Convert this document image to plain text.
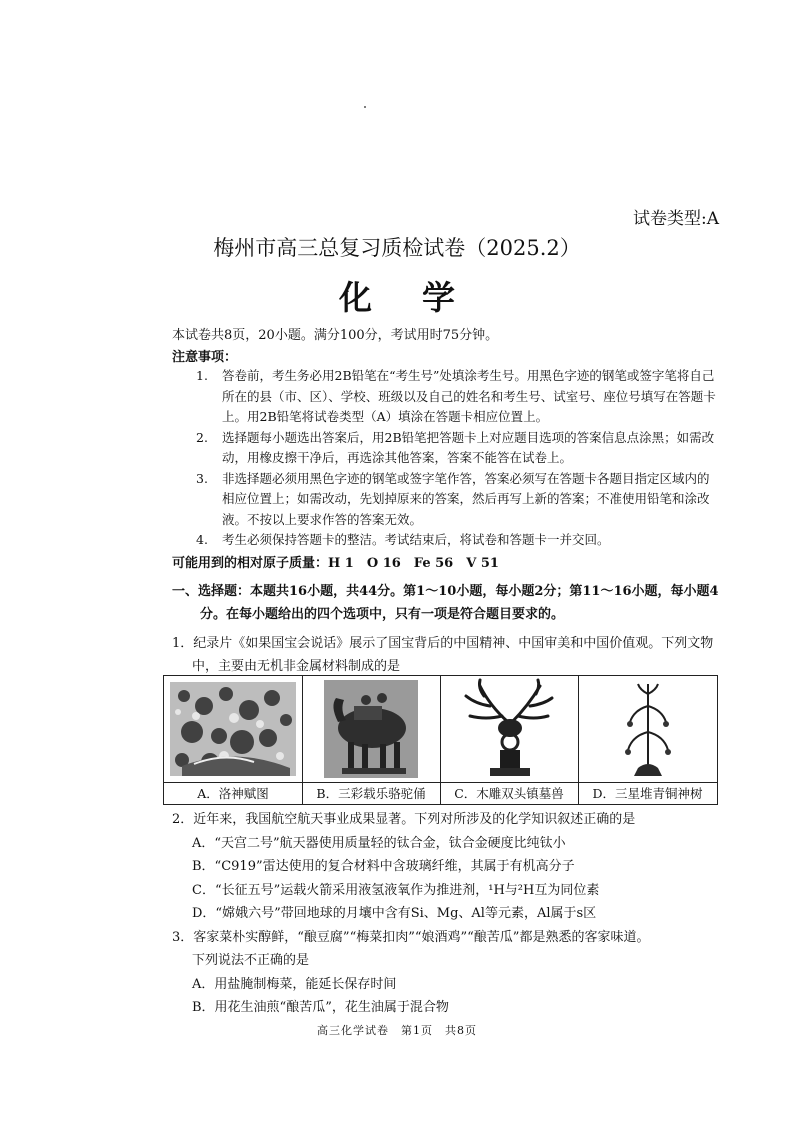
试卷类型:A
梅州市高三总复习质检试卷（2025.2）
化学
本试卷共8页，20小题。满分100分，考试用时75分钟。
注意事项：
1. 答卷前，考生务必用2B铅笔在“考生号”处填涂考生号。用黑色字迹的钢笔或签字笔将自己所在的县（市、区）、学校、班级以及自己的姓名和考生号、试室号、座位号填写在答题卡上。用2B铅笔将试卷类型（A）填涂在答题卡相应位置上。
2. 选择题每小题选出答案后，用2B铅笔把答题卡上对应题目选项的答案信息点涂黑；如需改动，用橡皮擦干净后，再选涂其他答案，答案不能答在试卷上。
3. 非选择题必须用黑色字迹的钢笔或签字笔作答，答案必须写在答题卡各题目指定区域内的相应位置上；如需改动，先划掉原来的答案，然后再写上新的答案；不准使用铅笔和涂改液。不按以上要求作答的答案无效。
4. 考生必须保持答题卡的整洁。考试结束后，将试卷和答题卡一并交回。
可能用到的相对原子质量：H 1　O 16　Fe 56　V 51
一、选择题：本题共16小题，共44分。第1～10小题，每小题2分；第11～16小题，每小题4分。在每小题给出的四个选项中，只有一项是符合题目要求的。
1．纪录片《如果国宝会说话》展示了国宝背后的中国精神、中国审美和中国价值观。下列文物中，主要由无机非金属材料制成的是
A．洛神赋图	B．三彩载乐骆驼俑	C．木雕双头镇墓兽	D．三星堆青铜神树
2．近年来，我国航空航天事业成果显著。下列对所涉及的化学知识叙述正确的是
A．“天宫二号”航天器使用质量轻的钛合金，钛合金硬度比纯钛小
B．“C919”雷达使用的复合材料中含玻璃纤维，其属于有机高分子
C．“长征五号”运载火箭采用液氢液氧作为推进剂，¹H与²H互为同位素
D．“嫦娥六号”带回地球的月壤中含有Si、Mg、Al等元素，Al属于s区
3．客家菜朴实醇鲜，“酿豆腐”“梅菜扣肉”“娘酒鸡”“酿苦瓜”都是熟悉的客家味道。
下列说法不正确的是
A．用盐腌制梅菜，能延长保存时间
B．用花生油煎“酿苦瓜”，花生油属于混合物
高三化学试卷　第1页　共8页
